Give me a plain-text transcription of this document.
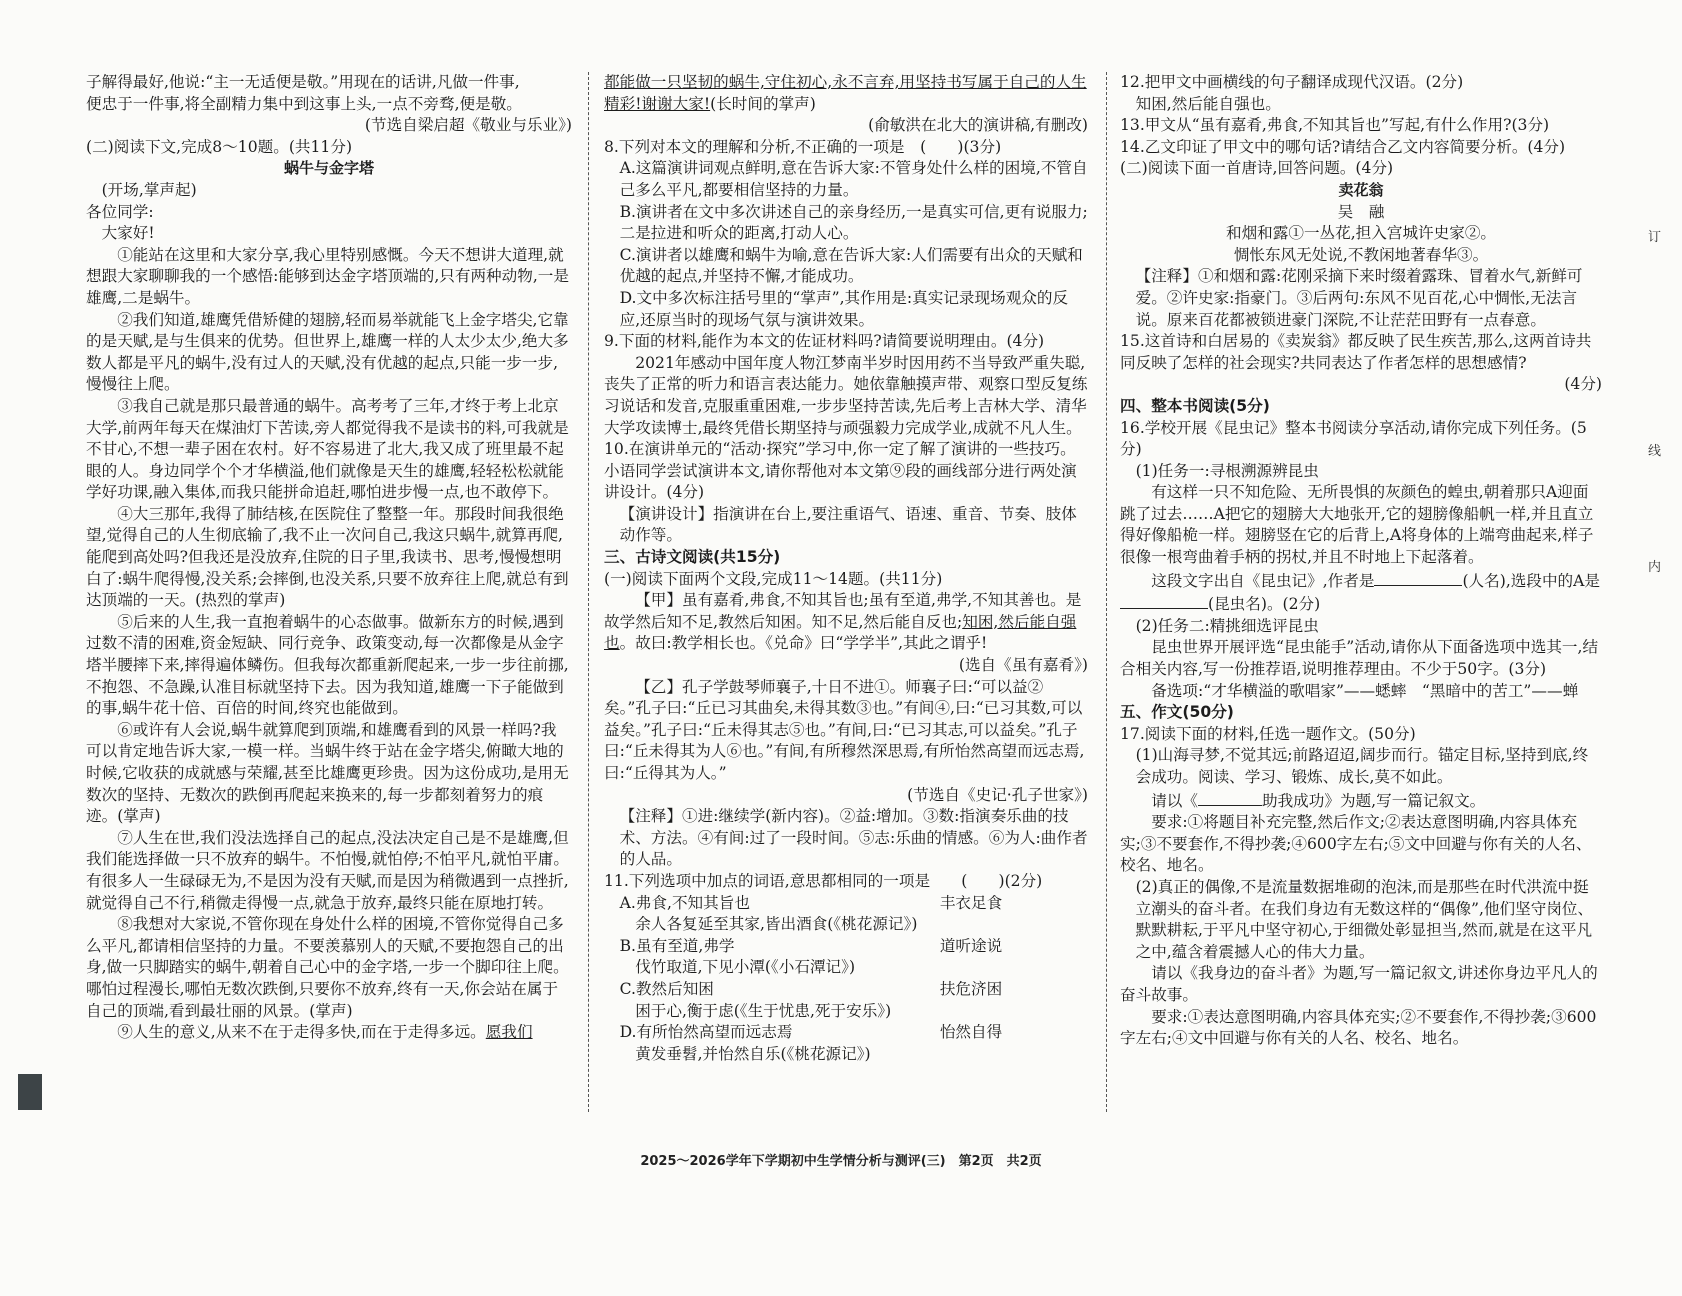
子解得最好,他说:“主一无适便是敬。”用现在的话讲,凡做一件事,

便忠于一件事,将全副精力集中到这事上头,一点不旁骛,便是敬。

(节选自梁启超《敬业与乐业》)

(二)阅读下文,完成8～10题。(共11分)

蜗牛与金字塔

(开场,掌声起)

各位同学:

大家好!

①能站在这里和大家分享,我心里特别感慨。今天不想讲大道理,就想跟大家聊聊我的一个感悟:能够到达金字塔顶端的,只有两种动物,一是雄鹰,二是蜗牛。

②我们知道,雄鹰凭借矫健的翅膀,轻而易举就能飞上金字塔尖,它靠的是天赋,是与生俱来的优势。但世界上,雄鹰一样的人太少太少,绝大多数人都是平凡的蜗牛,没有过人的天赋,没有优越的起点,只能一步一步,慢慢往上爬。

③我自己就是那只最普通的蜗牛。高考考了三年,才终于考上北京大学,前两年每天在煤油灯下苦读,旁人都觉得我不是读书的料,可我就是不甘心,不想一辈子困在农村。好不容易进了北大,我又成了班里最不起眼的人。身边同学个个才华横溢,他们就像是天生的雄鹰,轻轻松松就能学好功课,融入集体,而我只能拼命追赶,哪怕进步慢一点,也不敢停下。

④大三那年,我得了肺结核,在医院住了整整一年。那段时间我很绝望,觉得自己的人生彻底输了,我不止一次问自己,我这只蜗牛,就算再爬,能爬到高处吗?但我还是没放弃,住院的日子里,我读书、思考,慢慢想明白了:蜗牛爬得慢,没关系;会摔倒,也没关系,只要不放弃往上爬,就总有到达顶端的一天。(热烈的掌声)

⑤后来的人生,我一直抱着蜗牛的心态做事。做新东方的时候,遇到过数不清的困难,资金短缺、同行竞争、政策变动,每一次都像是从金字塔半腰摔下来,摔得遍体鳞伤。但我每次都重新爬起来,一步一步往前挪,不抱怨、不急躁,认准目标就坚持下去。因为我知道,雄鹰一下子能做到的事,蜗牛花十倍、百倍的时间,终究也能做到。

⑥或许有人会说,蜗牛就算爬到顶端,和雄鹰看到的风景一样吗?我可以肯定地告诉大家,一模一样。当蜗牛终于站在金字塔尖,俯瞰大地的时候,它收获的成就感与荣耀,甚至比雄鹰更珍贵。因为这份成功,是用无数次的坚持、无数次的跌倒再爬起来换来的,每一步都刻着努力的痕迹。(掌声)

⑦人生在世,我们没法选择自己的起点,没法决定自己是不是雄鹰,但我们能选择做一只不放弃的蜗牛。不怕慢,就怕停;不怕平凡,就怕平庸。有很多人一生碌碌无为,不是因为没有天赋,而是因为稍微遇到一点挫折,就觉得自己不行,稍微走得慢一点,就急于放弃,最终只能在原地打转。

⑧我想对大家说,不管你现在身处什么样的困境,不管你觉得自己多么平凡,都请相信坚持的力量。不要羡慕别人的天赋,不要抱怨自己的出身,做一只脚踏实的蜗牛,朝着自己心中的金字塔,一步一个脚印往上爬。哪怕过程漫长,哪怕无数次跌倒,只要你不放弃,终有一天,你会站在属于自己的顶端,看到最壮丽的风景。(掌声)

⑨人生的意义,从来不在于走得多快,而在于走得多远。愿我们

都能做一只坚韧的蜗牛,守住初心,永不言弃,用坚持书写属于自己的人生精彩!谢谢大家!(长时间的掌声)

(俞敏洪在北大的演讲稿,有删改)

8.下列对本文的理解和分析,不正确的一项是　(　　)(3分)

A.这篇演讲词观点鲜明,意在告诉大家:不管身处什么样的困境,不管自己多么平凡,都要相信坚持的力量。

B.演讲者在文中多次讲述自己的亲身经历,一是真实可信,更有说服力;二是拉进和听众的距离,打动人心。

C.演讲者以雄鹰和蜗牛为喻,意在告诉大家:人们需要有出众的天赋和优越的起点,并坚持不懈,才能成功。

D.文中多次标注括号里的“掌声”,其作用是:真实记录现场观众的反应,还原当时的现场气氛与演讲效果。

9.下面的材料,能作为本文的佐证材料吗?请简要说明理由。(4分)

2021年感动中国年度人物江梦南半岁时因用药不当导致严重失聪,丧失了正常的听力和语言表达能力。她依靠触摸声带、观察口型反复练习说话和发音,克服重重困难,一步步坚持苦读,先后考上吉林大学、清华大学攻读博士,最终凭借长期坚持与顽强毅力完成学业,成就不凡人生。

10.在演讲单元的“活动·探究”学习中,你一定了解了演讲的一些技巧。小语同学尝试演讲本文,请你帮他对本文第⑨段的画线部分进行两处演讲设计。(4分)

【演讲设计】指演讲在台上,要注重语气、语速、重音、节奏、肢体动作等。

三、古诗文阅读(共15分)

(一)阅读下面两个文段,完成11～14题。(共11分)

【甲】虽有嘉肴,弗食,不知其旨也;虽有至道,弗学,不知其善也。是故学然后知不足,教然后知困。知不足,然后能自反也;知困,然后能自强也。故曰:教学相长也。《兑命》曰“学学半”,其此之谓乎!

(选自《虽有嘉肴》)

【乙】孔子学鼓琴师襄子,十日不进①。师襄子曰:“可以益②矣。”孔子曰:“丘已习其曲矣,未得其数③也。”有间④,曰:“已习其数,可以益矣。”孔子曰:“丘未得其志⑤也。”有间,曰:“已习其志,可以益矣。”孔子曰:“丘未得其为人⑥也。”有间,有所穆然深思焉,有所怡然高望而远志焉,曰:“丘得其为人。”

(节选自《史记·孔子世家》)

【注释】①进:继续学(新内容)。②益:增加。③数:指演奏乐曲的技术、方法。④有间:过了一段时间。⑤志:乐曲的情感。⑥为人:曲作者的人品。

11.下列选项中加点的词语,意思都相同的一项是　　(　　)(2分)

A.弗食,不知其旨也	丰衣足食

余人各复延至其家,皆出酒食(《桃花源记》)

B.虽有至道,弗学	道听途说

伐竹取道,下见小潭(《小石潭记》)

C.教然后知困	扶危济困

困于心,衡于虑(《生于忧患,死于安乐》)

D.有所怡然高望而远志焉	怡然自得

黄发垂髫,并怡然自乐(《桃花源记》)

12.把甲文中画横线的句子翻译成现代汉语。(2分)

知困,然后能自强也。

13.甲文从“虽有嘉肴,弗食,不知其旨也”写起,有什么作用?(3分)

14.乙文印证了甲文中的哪句话?请结合乙文内容简要分析。(4分)

(二)阅读下面一首唐诗,回答问题。(4分)

卖花翁

吴　融

和烟和露①一丛花,担入宫城许史家②。

惆怅东风无处说,不教闲地著春华③。

【注释】①和烟和露:花刚采摘下来时缀着露珠、冒着水气,新鲜可爱。②许史家:指豪门。③后两句:东风不见百花,心中惆怅,无法言说。原来百花都被锁进豪门深院,不让茫茫田野有一点春意。

15.这首诗和白居易的《卖炭翁》都反映了民生疾苦,那么,这两首诗共同反映了怎样的社会现实?共同表达了作者怎样的思想感情?

(4分)

四、整本书阅读(5分)

16.学校开展《昆虫记》整本书阅读分享活动,请你完成下列任务。(5分)

(1)任务一:寻根溯源辨昆虫

有这样一只不知危险、无所畏惧的灰颜色的蝗虫,朝着那只A迎面跳了过去……A把它的翅膀大大地张开,它的翅膀像船帆一样,并且直立得好像船桅一样。翅膀竖在它的后背上,A将身体的上端弯曲起来,样子很像一根弯曲着手柄的拐杖,并且不时地上下起落着。

这段文字出自《昆虫记》,作者是	(人名),选段中的A是(昆虫名)。(2分)

(2)任务二:精挑细选评昆虫

昆虫世界开展评选“昆虫能手”活动,请你从下面备选项中选其一,结合相关内容,写一份推荐语,说明推荐理由。不少于50字。(3分)

备选项:“才华横溢的歌唱家”——蟋蟀　“黑暗中的苦工”——蝉

五、作文(50分)

17.阅读下面的材料,任选一题作文。(50分)

(1)山海寻梦,不觉其远;前路迢迢,阔步而行。锚定目标,坚持到底,终会成功。阅读、学习、锻炼、成长,莫不如此。

请以《	助我成功》为题,写一篇记叙文。

要求:①将题目补充完整,然后作文;②表达意图明确,内容具体充实;③不要套作,不得抄袭;④600字左右;⑤文中回避与你有关的人名、校名、地名。

(2)真正的偶像,不是流量数据堆砌的泡沫,而是那些在时代洪流中挺立潮头的奋斗者。在我们身边有无数这样的“偶像”,他们坚守岗位、默默耕耘,于平凡中坚守初心,于细微处彰显担当,然而,就是在这平凡之中,蕴含着震撼人心的伟大力量。

请以《我身边的奋斗者》为题,写一篇记叙文,讲述你身边平凡人的奋斗故事。

要求:①表达意图明确,内容具体充实;②不要套作,不得抄袭;③600字左右;④文中回避与你有关的人名、校名、地名。

订
线
内
2025～2026学年下学期初中生学情分析与测评(三)　第2页　共2页
